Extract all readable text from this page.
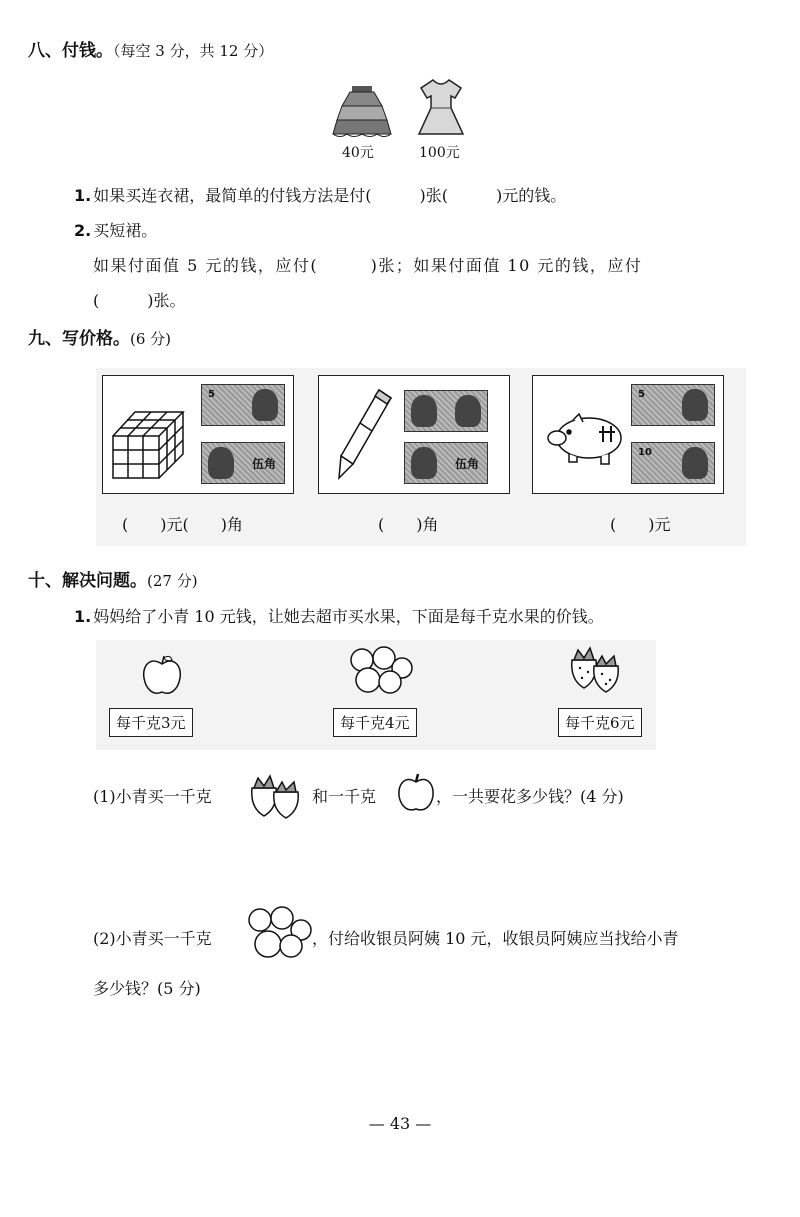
八、付钱。（每空 3 分，共 12 分）
40元	100元
1. 如果买连衣裙，最简单的付钱方法是付(　　　)张(　　　)元的钱。
2. 买短裙。
如果付面值 5 元的钱，应付(　　　)张；如果付面值 10 元的钱，应付
(　　　)张。
九、写价格。(6 分)
5
伍角	伍角
5
10
(　　)元(　　)角	(　　)角	(　　)元
十、解决问题。(27 分)
1. 妈妈给了小青 10 元钱，让她去超市买水果，下面是每千克水果的价钱。
每千克3元	每千克4元	每千克6元
(1)小青买一千克	和一千克	，一共要花多少钱？(4 分)
(2)小青买一千克	，付给收银员阿姨 10 元，收银员阿姨应当找给小青
多少钱？(5 分)
— 43 —
